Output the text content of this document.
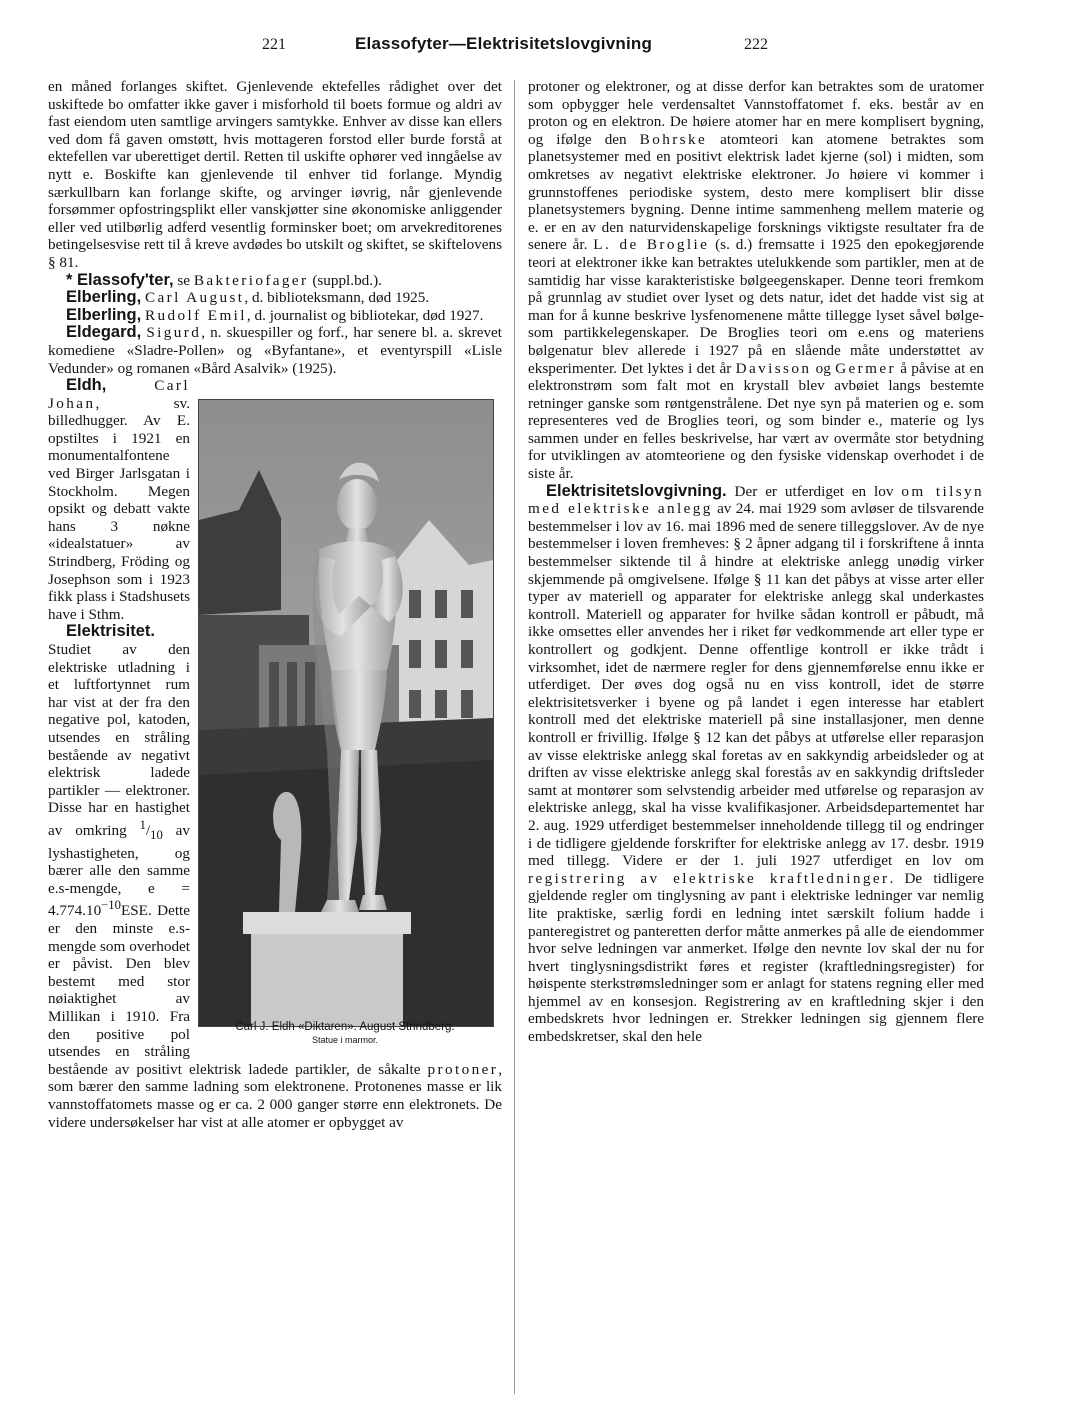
221	Elassofyter—Elektrisitetslovgivning	222

en måned forlanges skiftet. Gjenlevende ektefelles rådighet over det uskiftede bo omfatter ikke gaver i misforhold til boets formue og aldri av fast eiendom uten samtlige arvingers samtykke. Enhver av disse kan ellers ved dom få gaven omstøtt, hvis mottageren forstod eller burde forstå at ektefellen var uberettiget dertil. Retten til uskifte ophører ved inngåelse av nytt e. Boskifte kan gjenlevende til enhver tid forlange. Myndig særkullbarn kan forlange skifte, og arvinger iøvrig, når gjenlevende forsømmer opfostringsplikt eller vanskjøtter sine økonomiske anliggender eller ved utilbørlig adferd vesentlig forminsker boet; om arvekreditorenes betingelsesvise rett til å kreve avdødes bo utskilt og skiftet, se skiftelovens § 81.

* Elassofy'ter, se Bakteriofager (suppl.bd.).

Elberling, Carl August, d. biblioteksmann, død 1925.

Elberling, Rudolf Emil, d. journalist og bibliotekar, død 1927.

Eldegard, Sigurd, n. skuespiller og forf., har senere bl. a. skrevet komediene «Sladre-Pollen» og «Byfantane», et eventyrspill «Lisle Vedunder» og romanen «Bård Asalvik» (1925).

Carl J. Eldh «Diktaren». August Strindberg.
Statue i marmor.

Eldh,	Carl Johan, sv. billedhugger. Av E. opstiltes i 1921 en monumentalfontene ved Birger Jarlsgatan i Stockholm. Megen opsikt og debatt vakte hans 3 nøkne «idealstatuer» av Strindberg, Fröding og Josephson som i 1923 fikk plass i Stadshusets have i Sthm.

Elektrisitet. Studiet av den elektriske utladning i et luftfortynnet rum har vist at der fra den negative pol, katoden, utsendes en stråling bestående av negativt elektrisk ladede partikler — elektroner. Disse har en hastighet av omkring $^1/_{10}$ av lyshastigheten, og bærer alle den samme e.s-mengde, $e = 4.774.10^{-10}ESE$. Dette er den minste e.s-mengde som overhodet er påvist. Den blev bestemt med stor nøiaktighet av Millikan i 1910. Fra den positive pol utsendes en stråling bestående av positivt elektrisk ladede partikler, de såkalte protoner, som bærer den samme ladning som elektronene. Protonenes masse er lik vannstoffatomets masse og er ca. 2 000 ganger større enn elektronets. De videre undersøkelser har vist at alle atomer er opbygget av

protoner og elektroner, og at disse derfor kan betraktes som de uratomer som opbygger hele verdensaltet Vannstoffatomet f. eks. består av en proton og en elektron. De høiere atomer har en mere komplisert bygning, og ifølge den Bohrske atomteori kan atomene betraktes som planetsystemer med en positivt elektrisk ladet kjerne (sol) i midten, som omkretses av negativt elektriske elektroner. Jo høiere vi kommer i grunnstoffenes periodiske system, desto mere komplisert blir disse planetsystemers bygning. Denne intime sammenheng mellem materie og e. er en av den naturvidenskapelige forsknings viktigste resultater fra de senere år. L. de Broglie (s. d.) fremsatte i 1925 den epokegjørende teori at elektroner ikke kan betraktes utelukkende som partikler, men at de samtidig har visse karakteristiske bølgeegenskaper. Denne teori fremkom på grunnlag av studiet over lyset og dets natur, idet det hadde vist sig at man for å kunne beskrive lysfenomenene måtte tillegge lyset såvel bølge- som partikkelegenskaper. De Broglies teori om e.ens og materiens bølgenatur blev allerede i 1927 på en slående måte understøttet av eksperimenter. Det lyktes i det år Davisson og Germer å påvise at en elektronstrøm som falt mot en krystall blev avbøiet langs bestemte retninger ganske som røntgenstrålene. Det nye syn på materien og e. som representeres ved de Broglies teori, og som binder e., materie og lys sammen under en felles beskrivelse, har vært av overmåte stor betydning for utviklingen av atomteoriene og den fysiske videnskap overhodet i de siste år.

Elektrisitetslovgivning. Der er utferdiget en lov om tilsyn med elektriske anlegg av 24. mai 1929 som avløser de tilsvarende bestemmelser i lov av 16. mai 1896 med de senere tilleggslover. Av de nye bestemmelser i loven fremheves: § 2 åpner adgang til i forskriftene å innta bestemmelser siktende til å hindre at elektriske anlegg unødig virker skjemmende på omgivelsene. Ifølge § 11 kan det påbys at visse arter eller typer av materiell og apparater for elektriske anlegg skal underkastes kontroll. Materiell og apparater for hvilke sådan kontroll er påbudt, må ikke omsettes eller anvendes her i riket før vedkommende art eller type er kontrollert og godkjent. Denne offentlige kontroll er ikke trådt i virksomhet, idet de nærmere regler for dens gjennemførelse ennu ikke er utferdiget. Der øves dog også nu en viss kontroll, idet de større elektrisitetsverker i byene og på landet i egen interesse har etablert kontroll med det elektriske materiell på sine installasjoner, men denne kontroll er frivillig. Ifølge § 12 kan det påbys at utførelse eller reparasjon av visse elektriske anlegg skal foretas av en sakkyndig arbeidsleder og at driften av visse elektriske anlegg skal forestås av en sakkyndig driftsleder samt at montører som selvstendig arbeider med utførelse og reparasjon av elektriske anlegg, skal ha visse kvalifikasjoner. Arbeidsdepartementet har 2. aug. 1929 utferdiget bestemmelser inneholdende tillegg til og endringer i de tidligere gjeldende forskrifter for elektriske anlegg av 17. desbr. 1919 med tillegg. Videre er der 1. juli 1927 utferdiget en lov om registrering av elektriske kraftledninger. De tidligere gjeldende regler om tinglysning av pant i elektriske ledninger var nemlig lite praktiske, særlig fordi en ledning intet særskilt folium hadde i panteregistret og panteretten derfor måtte anmerkes på alle de eiendommer hvor selve ledningen var anmerket. Ifølge den nevnte lov skal der nu for hvert tinglysningsdistrikt føres et register (kraftledningsregister) for høispente sterkstrømsledninger som er anlagt for statens regning eller med hjemmel av en konsesjon. Registrering av en kraftledning skjer i den embedskrets hvor ledningen er. Strekker ledningen sig gjennem flere embedskretser, skal den hele
